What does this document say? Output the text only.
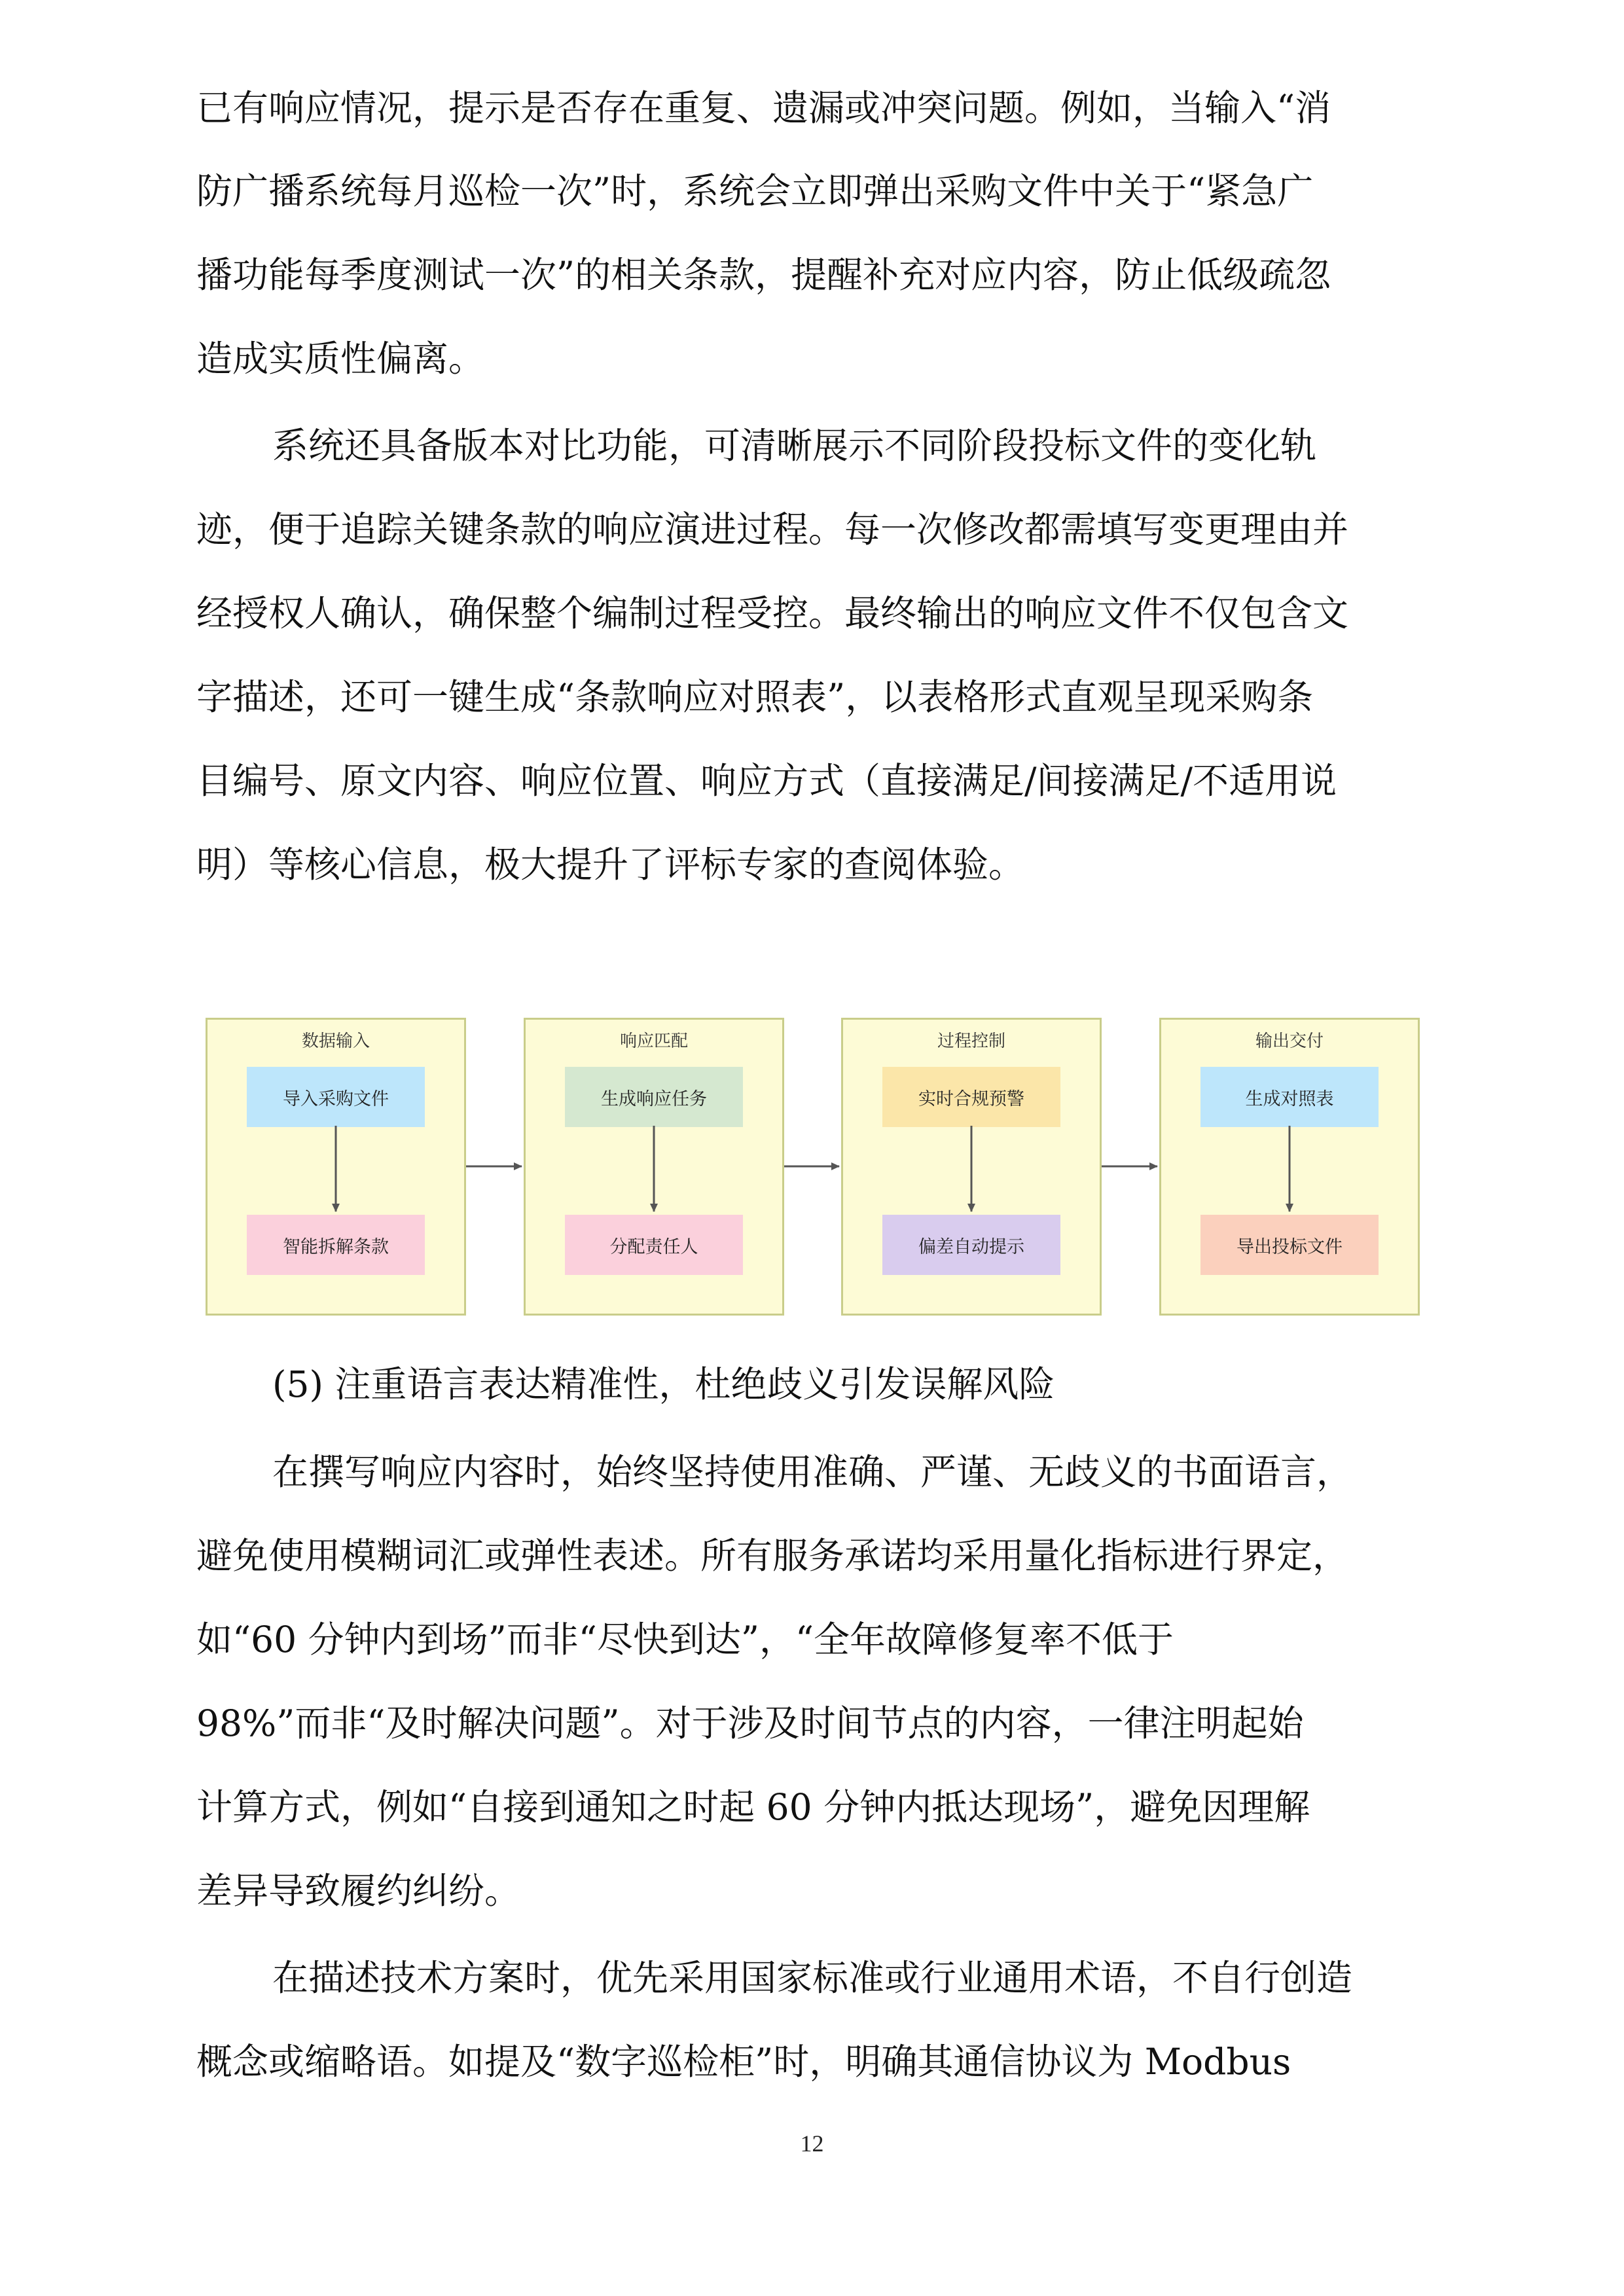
已有响应情况，提示是否存在重复、遗漏或冲突问题。例如，当输入“消
防广播系统每月巡检一次”时，系统会立即弹出采购文件中关于“紧急广
播功能每季度测试一次”的相关条款，提醒补充对应内容，防止低级疏忽
造成实质性偏离。
系统还具备版本对比功能，可清晰展示不同阶段投标文件的变化轨
迹，便于追踪关键条款的响应演进过程。每一次修改都需填写变更理由并
经授权人确认，确保整个编制过程受控。最终输出的响应文件不仅包含文
字描述，还可一键生成“条款响应对照表”，以表格形式直观呈现采购条
目编号、原文内容、响应位置、响应方式（直接满足/间接满足/不适用说
明）等核心信息，极大提升了评标专家的查阅体验。
数据输入
导入采购文件
智能拆解条款
响应匹配
生成响应任务
分配责任人
过程控制
实时合规预警
偏差自动提示
输出交付
生成对照表
导出投标文件
(5) 注重语言表达精准性，杜绝歧义引发误解风险
在撰写响应内容时，始终坚持使用准确、严谨、无歧义的书面语言，
避免使用模糊词汇或弹性表述。所有服务承诺均采用量化指标进行界定，
如“60 分钟内到场”而非“尽快到达”，“全年故障修复率不低于
98%”而非“及时解决问题”。对于涉及时间节点的内容，一律注明起始
计算方式，例如“自接到通知之时起 60 分钟内抵达现场”，避免因理解
差异导致履约纠纷。
在描述技术方案时，优先采用国家标准或行业通用术语，不自行创造
概念或缩略语。如提及“数字巡检柜”时，明确其通信协议为 Modbus
12
